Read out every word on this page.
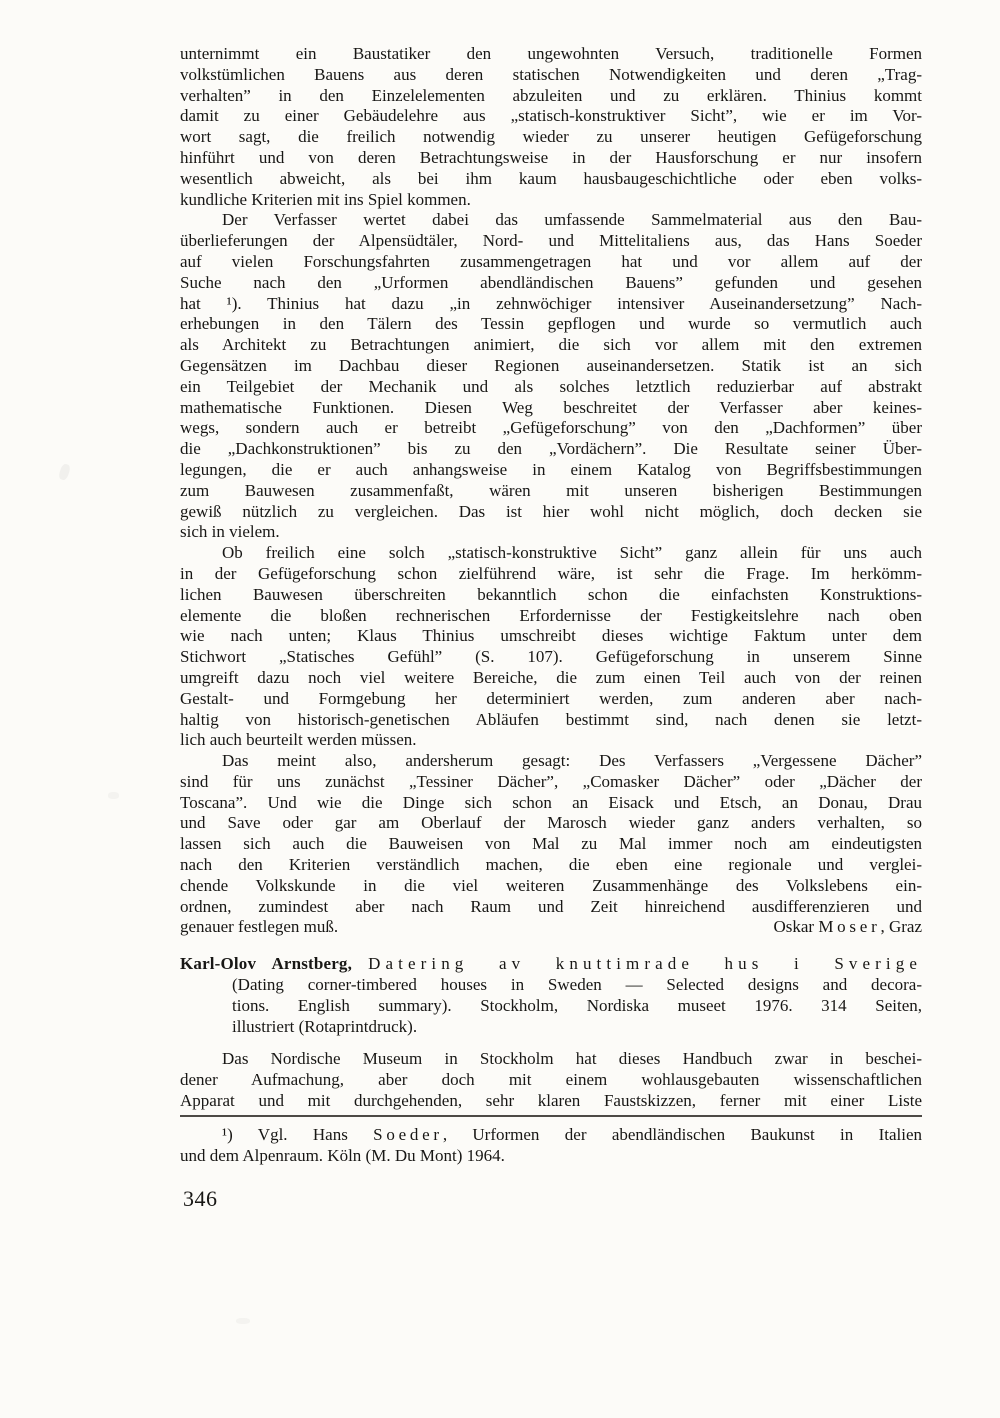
unternimmt ein Baustatiker den ungewohnten Versuch, traditionelle Formen
volkstümlichen Bauens aus deren statischen Notwendigkeiten und deren „Trag-
verhalten” in den Einzelelementen abzuleiten und zu erklären. Thinius kommt
damit zu einer Gebäudelehre aus „statisch-konstruktiver Sicht”, wie er im Vor-
wort sagt, die freilich notwendig wieder zu unserer heutigen Gefügeforschung
hinführt und von deren Betrachtungsweise in der Hausforschung er nur insofern
wesentlich abweicht, als bei ihm kaum hausbaugeschichtliche oder eben volks-
kundliche Kriterien mit ins Spiel kommen.
Der Verfasser wertet dabei das umfassende Sammelmaterial aus den Bau-
überlieferungen der Alpensüdtäler, Nord- und Mittelitaliens aus, das Hans Soeder
auf vielen Forschungsfahrten zusammengetragen hat und vor allem auf der
Suche nach den „Urformen abendländischen Bauens” gefunden und gesehen
hat ¹). Thinius hat dazu „in zehnwöchiger intensiver Auseinandersetzung” Nach-
erhebungen in den Tälern des Tessin gepflogen und wurde so vermutlich auch
als Architekt zu Betrachtungen animiert, die sich vor allem mit den extremen
Gegensätzen im Dachbau dieser Regionen auseinandersetzen. Statik ist an sich
ein Teilgebiet der Mechanik und als solches letztlich reduzierbar auf abstrakt
mathematische Funktionen. Diesen Weg beschreitet der Verfasser aber keines-
wegs, sondern auch er betreibt „Gefügeforschung” von den „Dachformen” über
die „Dachkonstruktionen” bis zu den „Vordächern”. Die Resultate seiner Über-
legungen, die er auch anhangsweise in einem Katalog von Begriffsbestimmungen
zum Bauwesen zusammenfaßt, wären mit unseren bisherigen Bestimmungen
gewiß nützlich zu vergleichen. Das ist hier wohl nicht möglich, doch decken sie
sich in vielem.
Ob freilich eine solch „statisch-konstruktive Sicht” ganz allein für uns auch
in der Gefügeforschung schon zielführend wäre, ist sehr die Frage. Im herkömm-
lichen Bauwesen überschreiten bekanntlich schon die einfachsten Konstruktions-
elemente die bloßen rechnerischen Erfordernisse der Festigkeitslehre nach oben
wie nach unten; Klaus Thinius umschreibt dieses wichtige Faktum unter dem
Stichwort „Statisches Gefühl” (S. 107). Gefügeforschung in unserem Sinne
umgreift dazu noch viel weitere Bereiche, die zum einen Teil auch von der reinen
Gestalt- und Formgebung her determiniert werden, zum anderen aber nach-
haltig von historisch-genetischen Abläufen bestimmt sind, nach denen sie letzt-
lich auch beurteilt werden müssen.
Das meint also, andersherum gesagt: Des Verfassers „Vergessene Dächer”
sind für uns zunächst „Tessiner Dächer”, „Comasker Dächer” oder „Dächer der
Toscana”. Und wie die Dinge sich schon an Eisack und Etsch, an Donau, Drau
und Save oder gar am Oberlauf der Marosch wieder ganz anders verhalten, so
lassen sich auch die Bauweisen von Mal zu Mal immer noch am eindeutigsten
nach den Kriterien verständlich machen, die eben eine regionale und verglei-
chende Volkskunde in die viel weiteren Zusammenhänge des Volkslebens ein-
ordnen, zumindest aber nach Raum und Zeit hinreichend ausdifferenzieren und
genauer festlegen muß.	Oskar Moser, Graz
Karl-Olov Arnstberg, Datering av knuttimrade hus i Sverige
(Dating corner-timbered houses in Sweden — Selected designs and decora-
tions. English summary). Stockholm, Nordiska museet 1976. 314 Seiten,
illustriert (Rotaprintdruck).
Das Nordische Museum in Stockholm hat dieses Handbuch zwar in beschei-
dener Aufmachung, aber doch mit einem wohlausgebauten wissenschaftlichen
Apparat und mit durchgehenden, sehr klaren Faustskizzen, ferner mit einer Liste
¹) Vgl. Hans Soeder, Urformen der abendländischen Baukunst in Italien
und dem Alpenraum. Köln (M. Du Mont) 1964.
346
